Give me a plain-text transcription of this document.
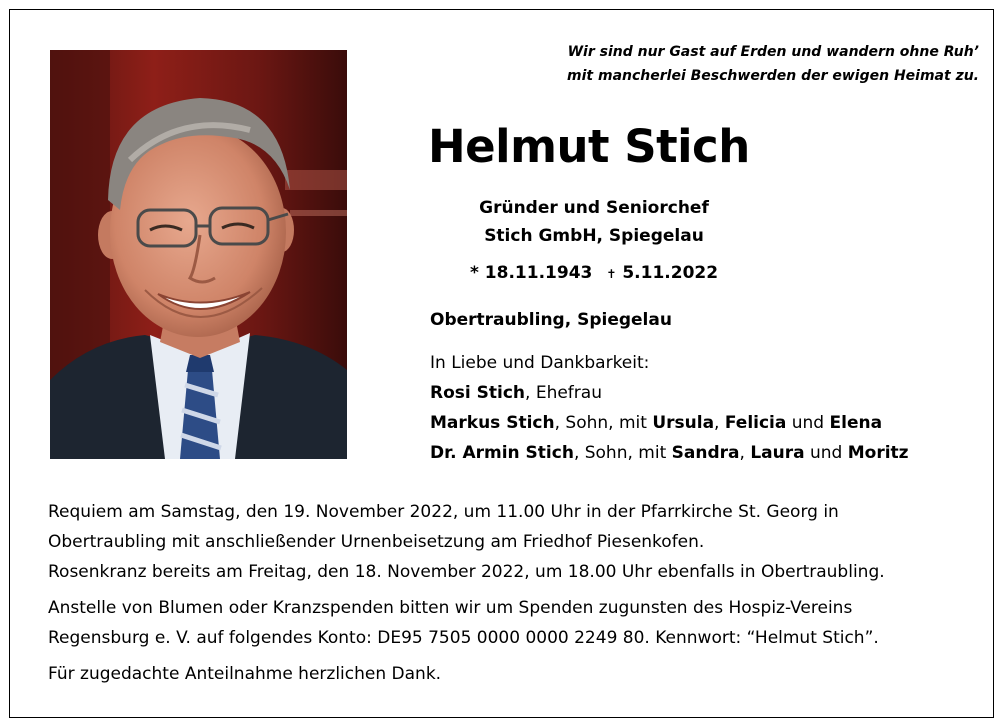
Wir sind nur Gast auf Erden und wandern ohne Ruh’
mit mancherlei Beschwerden der ewigen Heimat zu.
Helmut Stich
Gründer und Seniorchef
Stich GmbH, Spiegelau
* 18.11.1943 ✝ 5.11.2022
Obertraubling, Spiegelau
In Liebe und Dankbarkeit:
Rosi Stich, Ehefrau
Markus Stich, Sohn, mit Ursula, Felicia und Elena
Dr. Armin Stich, Sohn, mit Sandra, Laura und Moritz

Requiem am Samstag, den 19. November 2022, um 11.00 Uhr in der Pfarrkirche St. Georg in

Obertraubling mit anschließender Urnenbeisetzung am Friedhof Piesenkofen.

Rosenkranz bereits am Freitag, den 18. November 2022, um 18.00 Uhr ebenfalls in Obertraubling.

Anstelle von Blumen oder Kranzspenden bitten wir um Spenden zugunsten des Hospiz-Vereins

Regensburg e. V. auf folgendes Konto: DE95 7505 0000 0000 2249 80. Kennwort: “Helmut Stich”.

Für zugedachte Anteilnahme herzlichen Dank.
